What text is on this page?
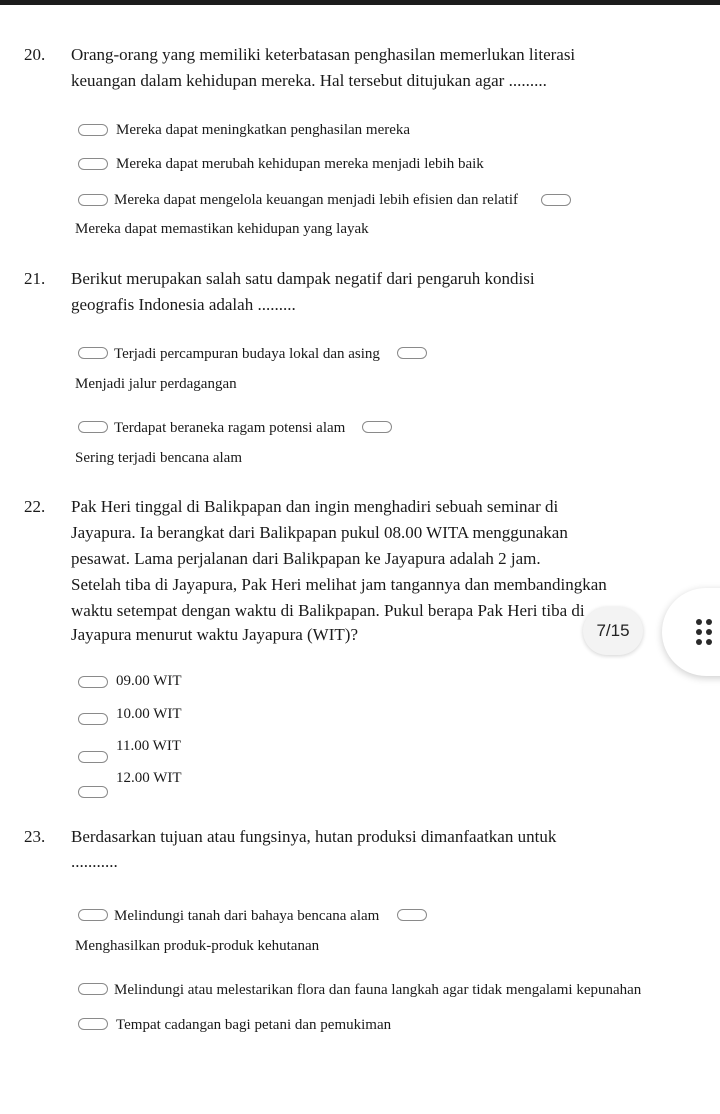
20. Orang-orang yang memiliki keterbatasan penghasilan memerlukan literasi
keuangan dalam kehidupan mereka. Hal tersebut ditujukan agar .........
Mereka dapat meningkatkan penghasilan mereka
Mereka dapat merubah kehidupan mereka menjadi lebih baik
Mereka dapat mengelola keuangan menjadi lebih efisien dan relatif
Mereka dapat memastikan kehidupan yang layak
21. Berikut merupakan salah satu dampak negatif dari pengaruh kondisi
geografis Indonesia adalah .........
Terjadi percampuran budaya lokal dan asing
Menjadi jalur perdagangan
Terdapat beraneka ragam potensi alam
Sering terjadi bencana alam
22. Pak Heri tinggal di Balikpapan dan ingin menghadiri sebuah seminar di
Jayapura. Ia berangkat dari Balikpapan pukul 08.00 WITA menggunakan
pesawat. Lama perjalanan dari Balikpapan ke Jayapura adalah 2 jam.
Setelah tiba di Jayapura, Pak Heri melihat jam tangannya dan membandingkan
waktu setempat dengan waktu di Balikpapan. Pukul berapa Pak Heri tiba di
Jayapura menurut waktu Jayapura (WIT)?
09.00 WIT
10.00 WIT
11.00 WIT
12.00 WIT
23. Berdasarkan tujuan atau fungsinya, hutan produksi dimanfaatkan untuk
...........
Melindungi tanah dari bahaya bencana alam
Menghasilkan produk-produk kehutanan
Melindungi atau melestarikan flora dan fauna langkah agar tidak mengalami kepunahan
Tempat cadangan bagi petani dan pemukiman
7/15
